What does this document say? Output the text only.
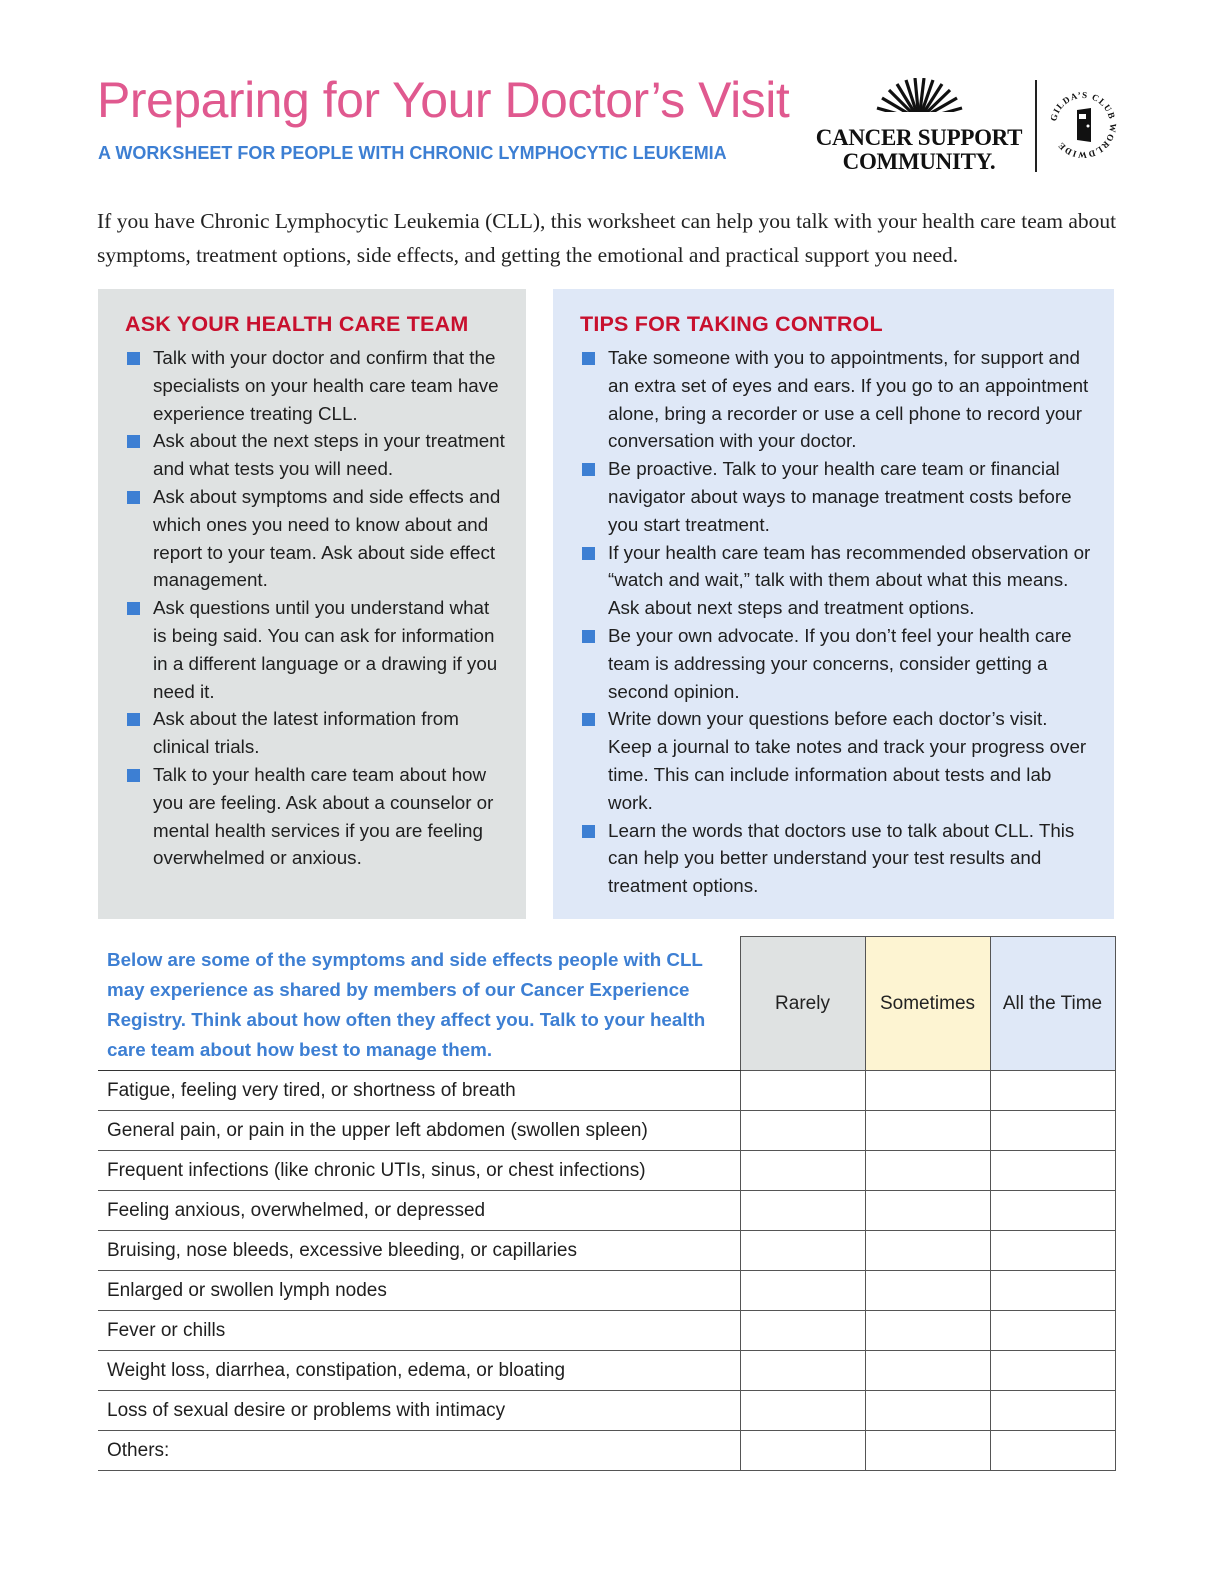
Preparing for Your Doctor’s Visit
A WORKSHEET FOR PEOPLE WITH CHRONIC LYMPHOCYTIC LEUKEMIA
CANCER SUPPORT
COMMUNITY.
GILDA’S CLUB WORLDWIDE

If you have Chronic Lymphocytic Leukemia (CLL), this worksheet can help you talk with your health care team about symptoms, treatment options, side effects, and getting the emotional and practical support you need.

ASK YOUR HEALTH CARE TEAM
Talk with your doctor and confirm that the specialists on your health care team have experience treating CLL.
Ask about the next steps in your treatment and what tests you will need.
Ask about symptoms and side effects and which ones you need to know about and report to your team. Ask about side effect management.
Ask questions until you understand what is being said. You can ask for information in a different language or a drawing if you need it.
Ask about the latest information from clinical trials.
Talk to your health care team about how you are feeling. Ask about a counselor or mental health services if you are feeling overwhelmed or anxious.
TIPS FOR TAKING CONTROL
Take someone with you to appointments, for support and an extra set of eyes and ears. If you go to an appointment alone, bring a recorder or use a cell phone to record your conversation with your doctor.
Be proactive. Talk to your health care team or financial navigator about ways to manage treatment costs before you start treatment.
If your health care team has recommended observation or “watch and wait,” talk with them about what this means. Ask about next steps and treatment options.
Be your own advocate. If you don’t feel your health care team is addressing your concerns, consider getting a second opinion.
Write down your questions before each doctor’s visit. Keep a journal to take notes and track your progress over time. This can include information about tests and lab work.
Learn the words that doctors use to talk about CLL. This can help you better understand your test results and treatment options.
Below are some of the symptoms and side effects people with CLL may experience as shared by members of our Cancer Experience Registry. Think about how often they affect you. Talk to your health care team about how best to manage them.	Rarely	Sometimes	All the Time
Fatigue, feeling very tired, or shortness of breath			
General pain, or pain in the upper left abdomen (swollen spleen)			
Frequent infections (like chronic UTIs, sinus, or chest infections)			
Feeling anxious, overwhelmed, or depressed			
Bruising, nose bleeds, excessive bleeding, or capillaries			
Enlarged or swollen lymph nodes			
Fever or chills			
Weight loss, diarrhea, constipation, edema, or bloating			
Loss of sexual desire or problems with intimacy			
Others:			
